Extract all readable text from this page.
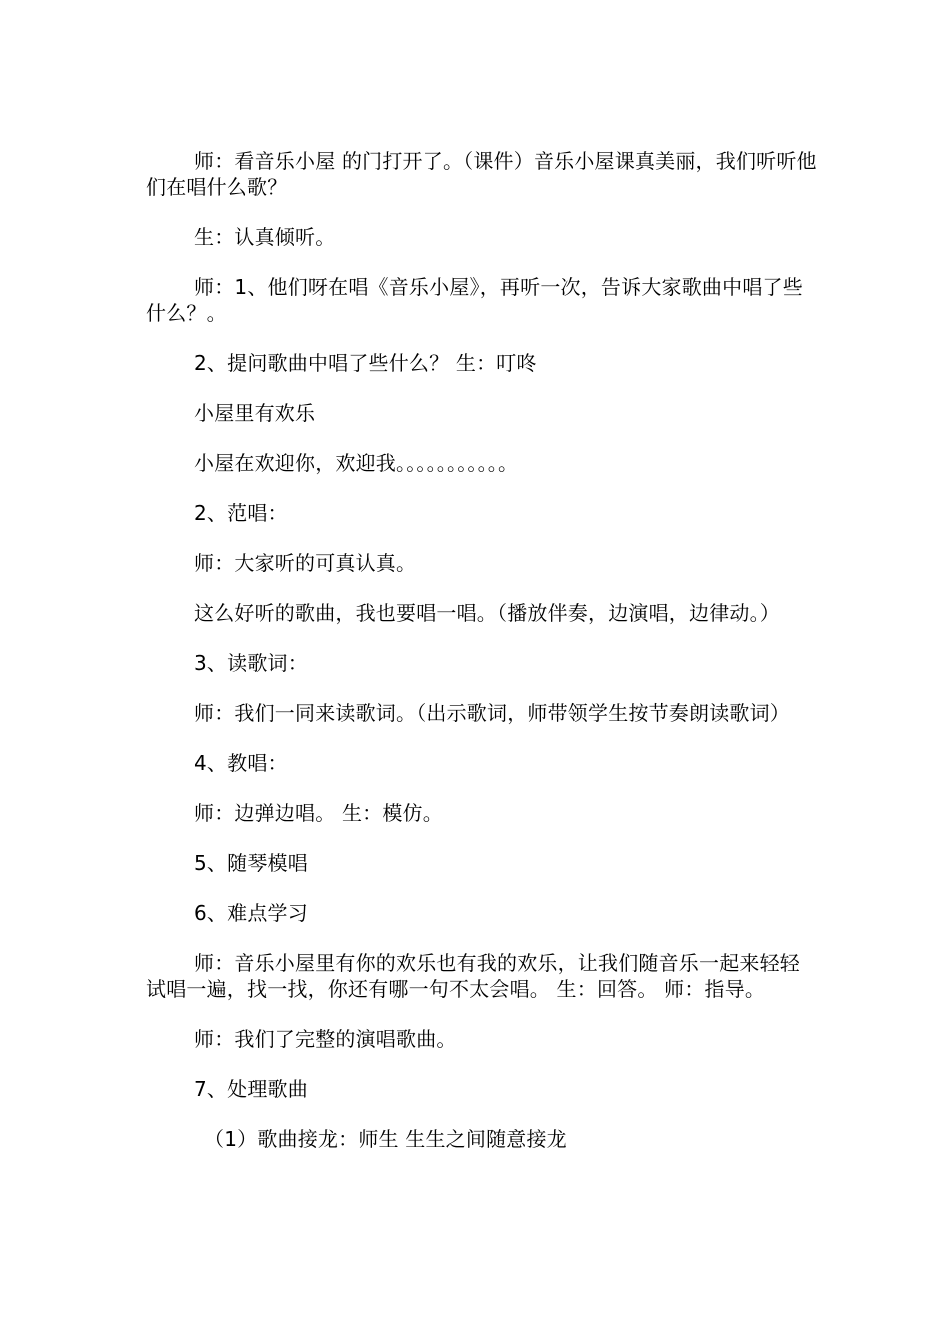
师：看音乐小屋 的门打开了。（课件）音乐小屋课真美丽，我们听听他们在唱什么歌？

生：认真倾听。

师：1、他们呀在唱《音乐小屋》，再听一次，告诉大家歌曲中唱了些什么？。

2、提问歌曲中唱了些什么？ 生：叮咚

小屋里有欢乐

小屋在欢迎你，欢迎我。。。。。。。。。。。

2、范唱：

师：大家听的可真认真。

这么好听的歌曲，我也要唱一唱。（播放伴奏，边演唱，边律动。）

3、读歌词：

师：我们一同来读歌词。（出示歌词，师带领学生按节奏朗读歌词）

4、教唱：

师：边弹边唱。 生：模仿。

5、随琴模唱

6、难点学习

师：音乐小屋里有你的欢乐也有我的欢乐，让我们随音乐一起来轻轻试唱一遍，找一找，你还有哪一句不太会唱。 生：回答。 师：指导。

师：我们了完整的演唱歌曲。

7、处理歌曲

（1）歌曲接龙：师生 生生之间随意接龙
